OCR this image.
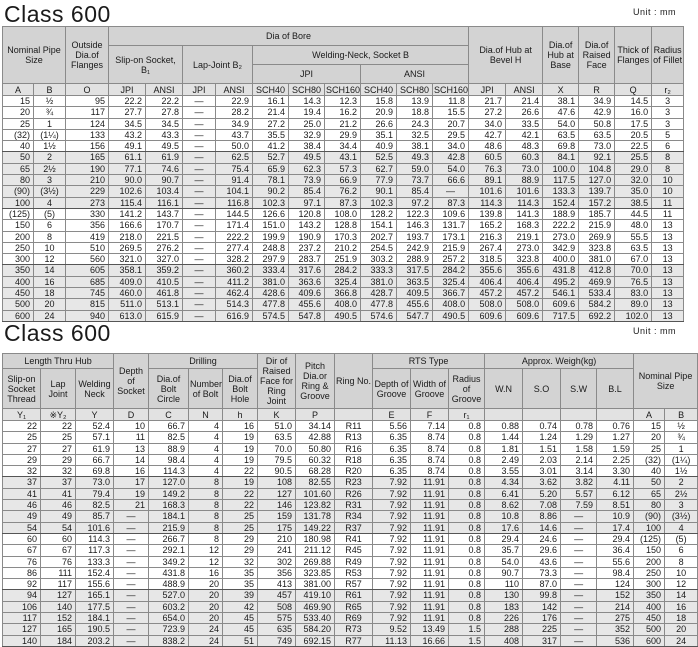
Class 600	Unit : mm
Nominal Pipe Size		Outside Dia.of Flanges	Dia of Bore										Dia.of Hub at Bevel H		Dia.of Hub at Base	Dia.of Raised Face	Thick of Flanges	Radius of Fillet
			Slip-on Socket, B₁		Lap-Joint B₂		Welding-Neck, Socket B											
							JPI			ANSI								
A	B	O	JPI	ANSI	JPI	ANSI	SCH40	SCH80	SCH160	SCH40	SCH80	SCH160	JPI	ANSI	X	R	Q	r₂
15	½	95	22.2	22.2	—	22.9	16.1	14.3	12.3	15.8	13.9	11.8	21.7	21.4	38.1	34.9	14.5	3
20	¾	117	27.7	27.8	—	28.2	21.4	19.4	16.2	20.9	18.8	15.5	27.2	26.6	47.6	42.9	16.0	3
25	1	124	34.5	34.5	—	34.9	27.2	25.0	21.2	26.6	24.3	20.7	34.0	33.5	54.0	50.8	17.5	3
(32)	(1¼)	133	43.2	43.3	—	43.7	35.5	32.9	29.9	35.1	32.5	29.5	42.7	42.1	63.5	63.5	20.5	5
40	1½	156	49.1	49.5	—	50.0	41.2	38.4	34.4	40.9	38.1	34.0	48.6	48.3	69.8	73.0	22.5	6
50	2	165	61.1	61.9	—	62.5	52.7	49.5	43.1	52.5	49.3	42.8	60.5	60.3	84.1	92.1	25.5	8
65	2½	190	77.1	74.6	—	75.4	65.9	62.3	57.3	62.7	59.0	54.0	76.3	73.0	100.0	104.8	29.0	8
80	3	210	90.0	90.7	—	91.4	78.1	73.9	66.9	77.9	73.7	66.6	89.1	88.9	117.5	127.0	32.0	10
(90)	(3½)	229	102.6	103.4	—	104.1	90.2	85.4	76.2	90.1	85.4	—	101.6	101.6	133.3	139.7	35.0	10
100	4	273	115.4	116.1	—	116.8	102.3	97.1	87.3	102.3	97.2	87.3	114.3	114.3	152.4	157.2	38.5	11
(125)	(5)	330	141.2	143.7	—	144.5	126.6	120.8	108.0	128.2	122.3	109.6	139.8	141.3	188.9	185.7	44.5	11
150	6	356	166.6	170.7	—	171.4	151.0	143.2	128.8	154.1	146.3	131.7	165.2	168.3	222.2	215.9	48.0	13
200	8	419	218.0	221.5	—	222.2	199.9	190.9	170.3	202.7	193.7	173.1	216.3	219.1	273.0	269.9	55.5	13
250	10	510	269.5	276.2	—	277.4	248.8	237.2	210.2	254.5	242.9	215.9	267.4	273.0	342.9	323.8	63.5	13
300	12	560	321.0	327.0	—	328.2	297.9	283.7	251.9	303.2	288.9	257.2	318.5	323.8	400.0	381.0	67.0	13
350	14	605	358.1	359.2	—	360.2	333.4	317.6	284.2	333.3	317.5	284.2	355.6	355.6	431.8	412.8	70.0	13
400	16	685	409.0	410.5	—	411.2	381.0	363.6	325.4	381.0	363.5	325.4	406.4	406.4	495.2	469.9	76.5	13
450	18	745	460.0	461.8	—	462.4	428.6	409.6	366.8	428.7	409.5	366.7	457.2	457.2	546.1	533.4	83.0	13
500	20	815	511.0	513.1	—	514.3	477.8	455.6	408.0	477.8	455.6	408.0	508.0	508.0	609.6	584.2	89.0	13
600	24	940	613.0	615.9	—	616.9	574.5	547.8	490.5	574.6	547.7	490.5	609.6	609.6	717.5	692.2	102.0	13
Class 600	Unit : mm
Length Thru Hub			Depth of Socket	Drilling			Dir of Raised Face for Ring Joint	Pitch Dia.or Ring & Groove	Ring No.	RTS Type			Approx. Weigh(kg)				Nominal Pipe Size	
Slip-on Socket Thread	Lap Joint	Welding Neck		Dia.of Bolt Circle	Number of Bolt	Dia.of Bolt Hole				Depth of Groove	Width of Groove	Radius of Groove	W.N	S.O	S.W	B.L		
Y₁	※Y₂	Y	D	C	N	h	K	P		E	F	r₁					A	B
22	22	52.4	10	66.7	4	16	51.0	34.14	R11	5.56	7.14	0.8	0.88	0.74	0.78	0.76	15	½
25	25	57.1	11	82.5	4	19	63.5	42.88	R13	6.35	8.74	0.8	1.44	1.24	1.29	1.27	20	¾
27	27	61.9	13	88.9	4	19	70.0	50.80	R16	6.35	8.74	0.8	1.81	1.51	1.58	1.59	25	1
29	29	66.7	14	98.4	4	19	79.5	60.32	R18	6.35	8.74	0.8	2.49	2.03	2.14	2.25	(32)	(1¼)
32	32	69.8	16	114.3	4	22	90.5	68.28	R20	6.35	8.74	0.8	3.55	3.01	3.14	3.30	40	1½
37	37	73.0	17	127.0	8	19	108	82.55	R23	7.92	11.91	0.8	4.34	3.62	3.82	4.11	50	2
41	41	79.4	19	149.2	8	22	127	101.60	R26	7.92	11.91	0.8	6.41	5.20	5.57	6.12	65	2½
46	46	82.5	21	168.3	8	22	146	123.82	R31	7.92	11.91	0.8	8.62	7.08	7.59	8.51	80	3
49	49	85.7	—	184.1	8	25	159	131.78	R34	7.92	11.91	0.8	10.8	8.86	—	10.9	(90)	(3½)
54	54	101.6	—	215.9	8	25	175	149.22	R37	7.92	11.91	0.8	17.6	14.6	—	17.4	100	4
60	60	114.3	—	266.7	8	29	210	180.98	R41	7.92	11.91	0.8	29.4	24.6	—	29.4	(125)	(5)
67	67	117.3	—	292.1	12	29	241	211.12	R45	7.92	11.91	0.8	35.7	29.6	—	36.4	150	6
76	76	133.3	—	349.2	12	32	302	269.88	R49	7.92	11.91	0.8	54.0	43.6	—	55.6	200	8
86	111	152.4	—	431.8	16	35	356	323.85	R53	7.92	11.91	0.8	90.7	73.3	—	98.4	250	10
92	117	155.6	—	488.9	20	35	413	381.00	R57	7.92	11.91	0.8	110	87.0	—	124	300	12
94	127	165.1	—	527.0	20	39	457	419.10	R61	7.92	11.91	0.8	130	99.8	—	152	350	14
106	140	177.5	—	603.2	20	42	508	469.90	R65	7.92	11.91	0.8	183	142	—	214	400	16
117	152	184.1	—	654.0	20	45	575	533.40	R69	7.92	11.91	0.8	226	176	—	275	450	18
127	165	190.5	—	723.9	24	45	635	584.20	R73	9.52	13.49	1.5	288	225	—	352	500	20
140	184	203.2	—	838.2	24	51	749	692.15	R77	11.13	16.66	1.5	408	317	—	536	600	24
